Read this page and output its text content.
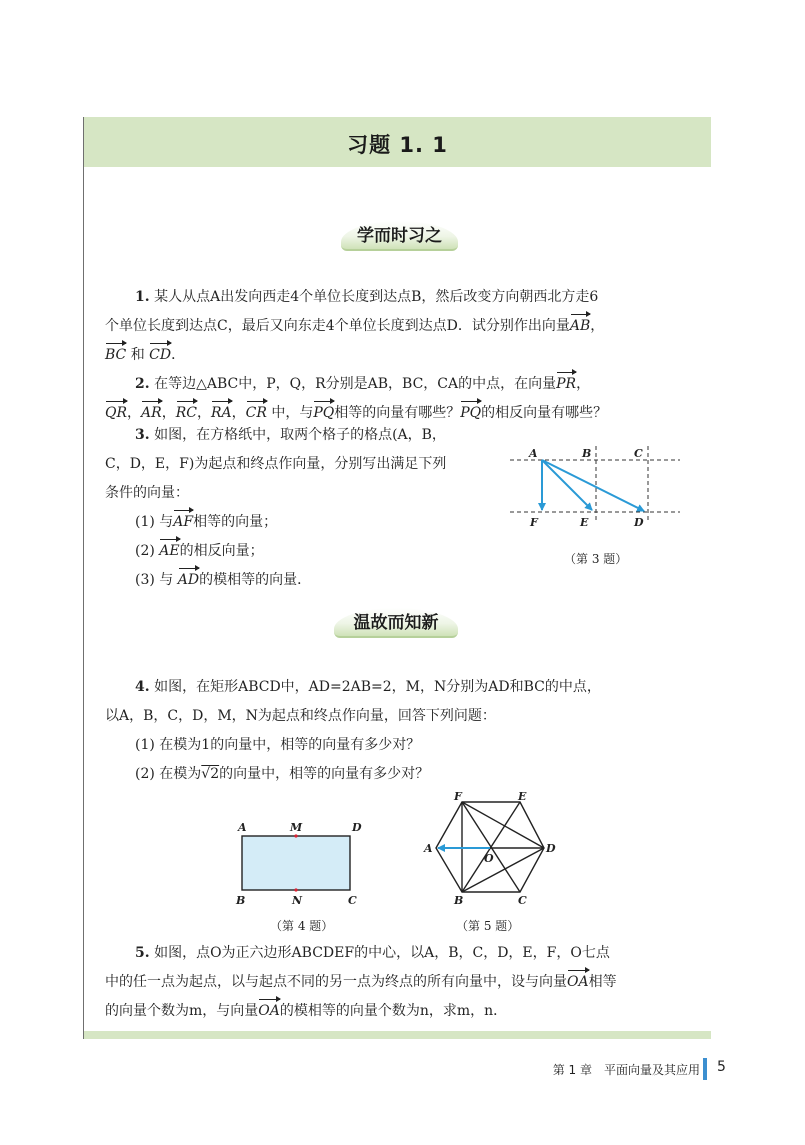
习题 1. 1
学而时习之

1. 某人从点A出发向西走4个单位长度到达点B，然后改变方向朝西北方走6
个单位长度到达点C，最后又向东走4个单位长度到达点D．试分别作出向量AB，
BC 和 CD．

2. 在等边△ABC中，P，Q，R分别是AB，BC，CA的中点，在向量PR，
QR，AR，RC，RA，CR 中，与PQ相等的向量有哪些？PQ的相反向量有哪些？

3. 如图，在方格纸中，取两个格子的格点(A，B，
C，D，E，F)为起点和终点作向量，分别写出满足下列
条件的向量：
(1) 与AF相等的向量；
(2) AE的相反向量；
(3) 与 AD的模相等的向量．

A	B	C
F	E	D
（第 3 题）
温故而知新

4. 如图，在矩形ABCD中，AD=2AB=2，M，N分别为AD和BC的中点，
以A，B，C，D，M，N为起点和终点作向量，回答下列问题：
(1) 在模为1的向量中，相等的向量有多少对？
(2) 在模为√2的向量中，相等的向量有多少对？

A	M	D
B	N	C
（第 4 题）
F	E
A	D
O
B	C
（第 5 题）

5. 如图，点O为正六边形ABCDEF的中心，以A，B，C，D，E，F，O七点
中的任一点为起点，以与起点不同的另一点为终点的所有向量中，设与向量OA相等
的向量个数为m，与向量OA的模相等的向量个数为n，求m，n．

第 1 章　平面向量及其应用 5
